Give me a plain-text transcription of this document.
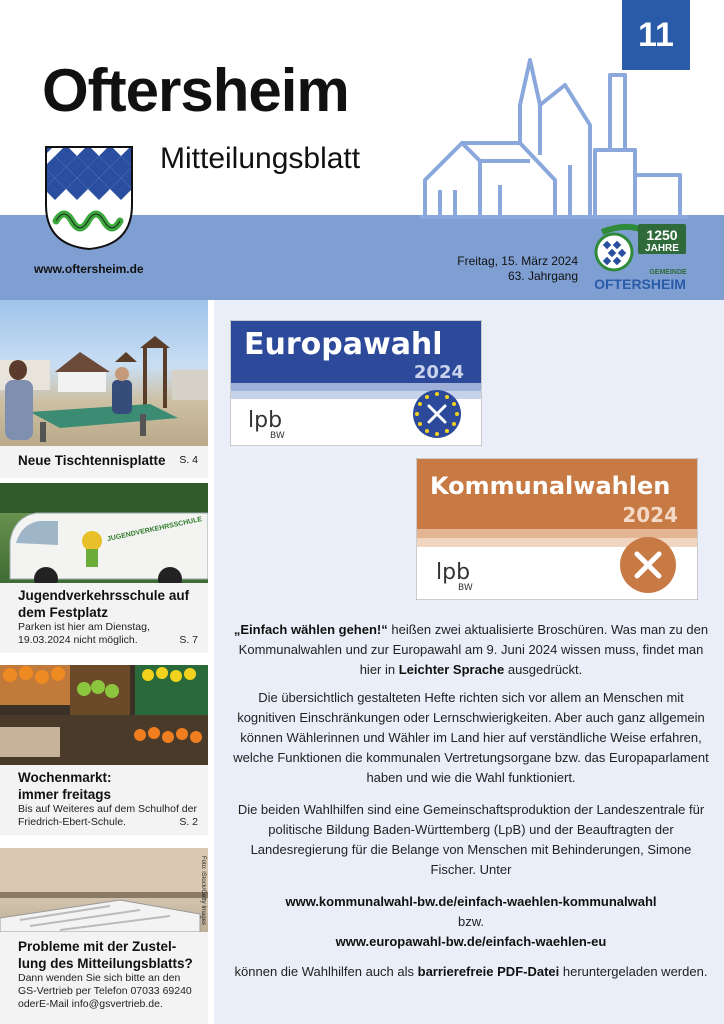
11
Oftersheim
Mitteilungsblatt
www.oftersheim.de
Freitag, 15. März 2024
63. Jahrgang
1250
JAHRE
GEMEINDE
OFTERSHEIM
Neue Tischtennisplatte S. 4
JUGENDVERKEHRSSCHULE
Jugendverkehrsschule auf
dem Festplatz
Parken ist hier am Dienstag,
19.03.2024 nicht möglich.	S. 7
Wochenmarkt:
immer freitags
Bis auf Weiteres auf dem Schulhof der
Friedrich-Ebert-Schule.	S. 2
Foto: iStock/Getty Images
Probleme mit der Zustel-
lung des Mitteilungsblatts?
Dann wenden Sie sich bitte an den
GS-Vertrieb per Telefon 07033 69240
oderE-Mail info@gsvertrieb.de.
Europawahl
2024
lpb
BW
Kommunalwahlen
2024
lpb
BW
„Einfach wählen gehen!“ heißen zwei aktualisierte Broschüren. Was man zu den Kommunalwahlen und zur Europawahl am 9. Juni 2024 wissen muss, findet man hier in Leichter Sprache ausgedrückt.
Die übersichtlich gestalteten Hefte richten sich vor allem an Menschen mit kognitiven Einschränkungen oder Lernschwierigkeiten. Aber auch ganz allgemein können Wählerinnen und Wähler im Land hier auf verständliche Weise erfahren, welche Funktionen die kommunalen Vertretungsorgane bzw. das Europaparlament haben und wie die Wahl funktioniert.
Die beiden Wahlhilfen sind eine Gemeinschaftsproduktion der Landeszentrale für politische Bildung Baden-Württemberg (LpB) und der Beauftragten der Landesregierung für die Belange von Menschen mit Behinderungen, Simone Fischer. Unter
www.kommunalwahl-bw.de/einfach-waehlen-kommunalwahl
bzw.
www.europawahl-bw.de/einfach-waehlen-eu
können die Wahlhilfen auch als barrierefreie PDF-Datei heruntergeladen werden.
